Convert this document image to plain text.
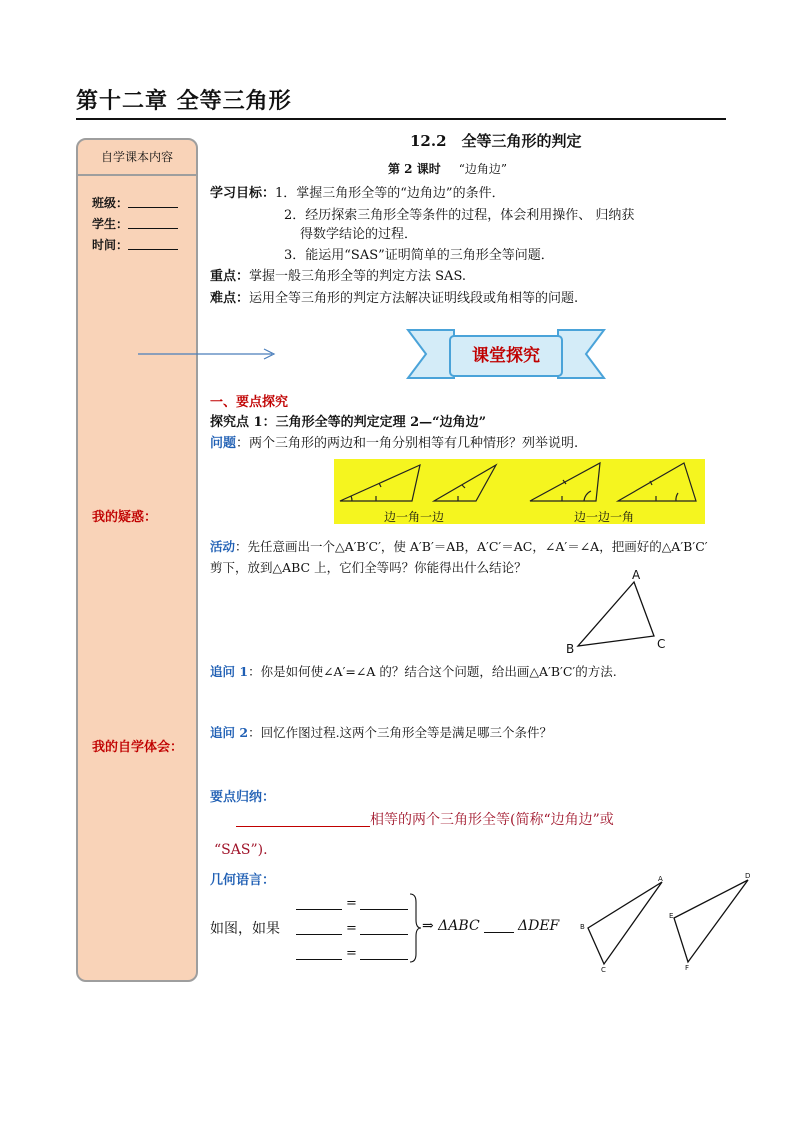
第十二章 全等三角形
自学课本内容
班级：
学生：
时间：
我的疑惑：
我的自学体会：
12.2　全等三角形的判定
第 2 课时 “边角边”
学习目标：1．掌握三角形全等的“边角边”的条件．
2．经历探索三角形全等条件的过程，体会利用操作、 归纳获
得数学结论的过程．
3．能运用“SAS”证明简单的三角形全等问题．
重点：掌握一般三角形全等的判定方法 SAS.
难点：运用全等三角形的判定方法解决证明线段或角相等的问题.
课堂探究
一、要点探究
探究点 1：三角形全等的判定定理 2—“边角边”
问题：两个三角形的两边和一角分别相等有几种情形？列举说明.
边一角一边	边一边一角
活动：先任意画出一个△A′B′C′，使 A′B′＝AB，A′C′＝AC，∠A′＝∠A，把画好的△A′B′C′
剪下，放到△ABC 上，它们全等吗？你能得出什么结论？	A
B	C
追问 1：你是如何使∠A′=∠A 的？结合这个问题，给出画△A′B′C′的方法.
追问 2：回忆作图过程.这两个三角形全等是满足哪三个条件？
要点归纳：
相等的两个三角形全等(简称“边角边”或
“SAS”).
几何语言：
如图，如果
=
=
=
⇒ ΔABC	ΔDEF
A
B
C
D
E
F
